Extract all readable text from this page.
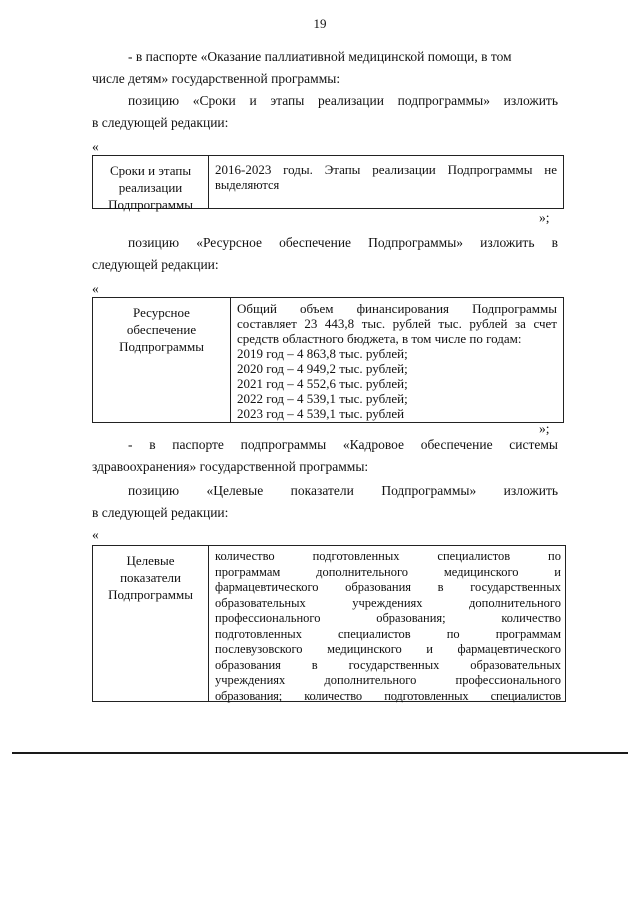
19
- в паспорте «Оказание паллиативной медицинской помощи, в том
числе детям» государственной программы:
позицию «Сроки и этапы реализации подпрограммы» изложить
в следующей редакции:
«
Сроки и этапы
реализации
Подпрограммы
2016-2023 годы. Этапы реализации Подпрограммы не
выделяются
»;
позицию «Ресурсное обеспечение Подпрограммы» изложить в
следующей редакции:
«
Ресурсное
обеспечение
Подпрограммы
Общий объем финансирования Подпрограммы
составляет 23 443,8 тыс. рублей тыс. рублей за счет
средств областного бюджета, в том числе по годам:
2019 год – 4 863,8 тыс. рублей;
2020 год – 4 949,2 тыс. рублей;
2021 год – 4 552,6 тыс. рублей;
2022 год – 4 539,1 тыс. рублей;
2023 год – 4 539,1 тыс. рублей
»;
- в паспорте подпрограммы «Кадровое обеспечение системы
здравоохранения» государственной программы:
позицию «Целевые показатели Подпрограммы» изложить
в следующей редакции:
«
Целевые
показатели
Подпрограммы
количество подготовленных специалистов по
программам дополнительного медицинского и
фармацевтического образования в государственных
образовательных учреждениях дополнительного
профессионального образования; количество
подготовленных специалистов по программам
послевузовского медицинского и фармацевтического
образования в государственных образовательных
учреждениях дополнительного профессионального
образования; количество подготовленных специалистов
